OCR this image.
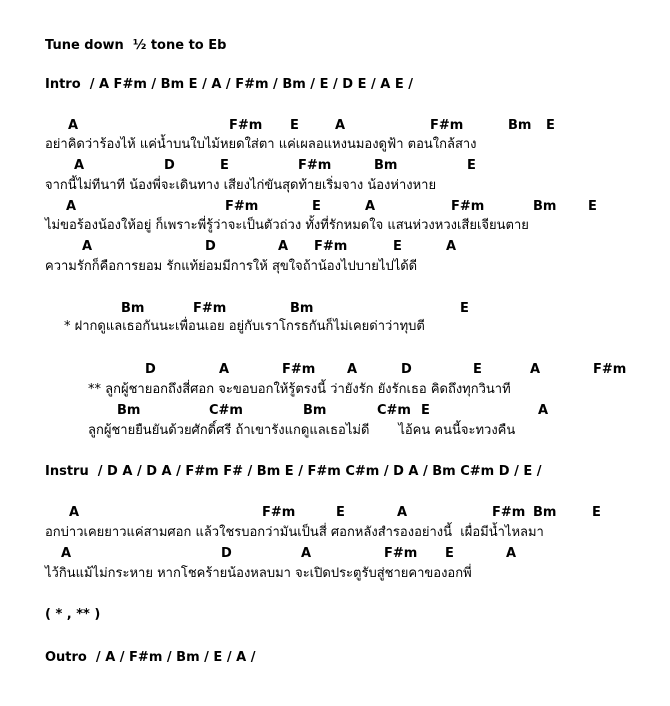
Tune down  ½ tone to Eb
Intro  / A F#m / Bm E / A / F#m / Bm / E / D E / A E /
A	F#m E	A	F#m	Bm E
อย่าคิดว่าร้องไห้ แค่น้ำบนใบไม้หยดใส่ตา แค่เผลอแหงนมองดูฟ้า ตอนใกล้สาง
A	D	E	F#m	Bm	E
จากนี้ไม่ทีนาที น้องพี่จะเดินทาง เสียงไก่ขันสุดท้ายเริ่มจาง น้องห่างหาย
A	F#m	E	A	F#m	Bm E
ไม่ขอร้องน้องให้อยู่ ก็เพราะพี่รู้ว่าจะเป็นตัวถ่วง ทั้งที่รักหมดใจ แสนห่วงหวงเสียเจียนตาย
A	D	A F#m	E	A
ความรักก็คือการยอม รักแท้ย่อมมีการให้ สุขใจถ้าน้องไปบายไปได้ดี
Bm	F#m	Bm	E
* ฝากดูแลเธอกันนะเพื่อนเอย อยู่กับเราโกรธกันก็ไม่เคยด่าว่าทุบตี
D	A	F#m A	D	E	A	F#m
** ลูกผู้ชายอกถึงสี่ศอก จะขอบอกให้รู้ตรงนี้ ว่ายังรัก ยังรักเธอ คิดถึงทุกวินาที
Bm	C#m	Bm	C#m E	A
ลูกผู้ชายยืนยันด้วยศักดิ์ศรี ถ้าเขารังแกดูแลเธอไม่ดี       ไอ้คน คนนี้จะทวงคืน
Instru  / D A / D A / F#m F# / Bm E / F#m C#m / D A / Bm C#m D / E /
A	F#m	E	A	F#m Bm	E
อกบ่าวเคยยาวแค่สามศอก แล้วใชรบอกว่ามันเป็นสี่ ศอกหลังสำรองอย่างนี้  เผื่อมีน้ำไหลมา
A	D	A	F#m E	A
ไว้กินแม้ไม่กระหาย หากโชคร้ายน้องหลบมา จะเปิดประตูรับสู่ชายคาของอกพี่
( * , ** )
Outro  / A / F#m / Bm / E / A /
